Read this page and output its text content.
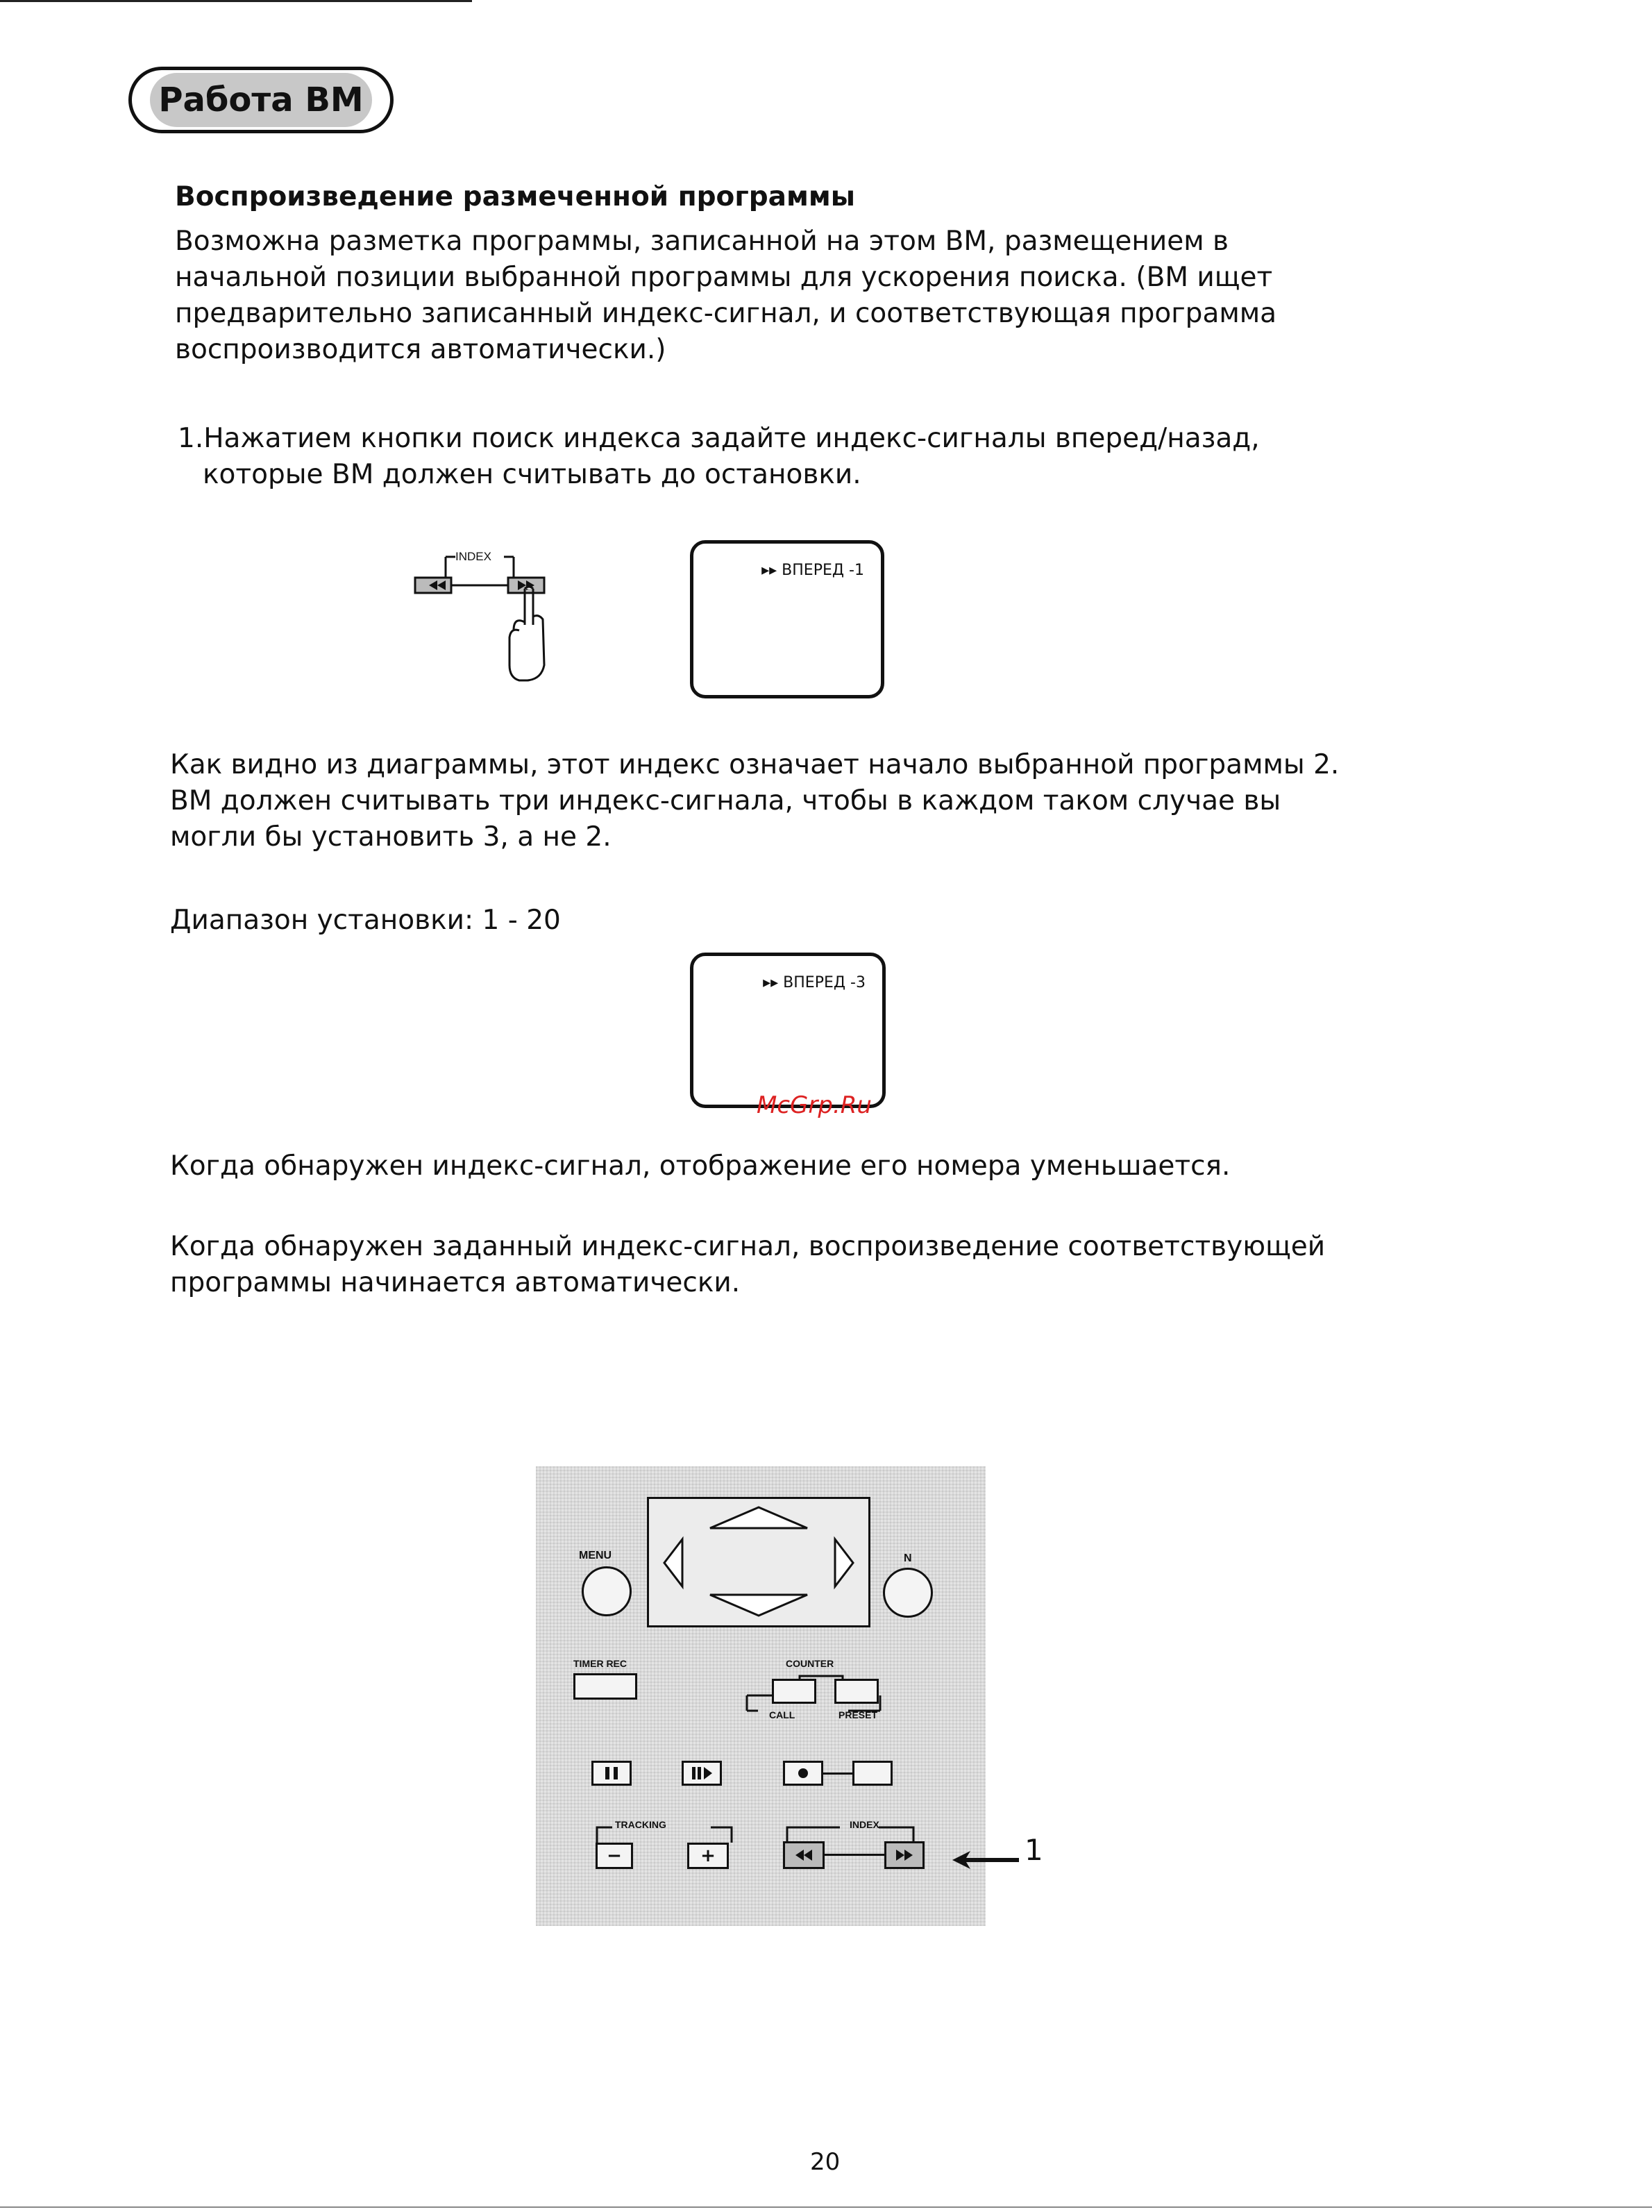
Работа ВМ
Воспроизведение размеченной программы
Возможна разметка программы, записанной на этом ВМ, размещением в
начальной позиции выбранной программы для ускорения поиска. (ВМ ищет
предварительно записанный индекс-сигнал, и соответствующая программа
воспроизводится автоматически.)
1.Нажатием кнопки поиск индекса задайте индекс-сигналы вперед/назад,
которые ВМ должен считывать до остановки.
INDEX
▸▸ ВПЕРЕД -1
Как видно из диаграммы, этот индекс означает начало выбранной программы 2.
ВМ должен считывать три индекс-сигнала, чтобы в каждом таком случае вы
могли бы установить 3, а не 2.
Диапазон установки: 1 - 20
▸▸ ВПЕРЕД -3
McGrp.Ru
Когда обнаружен индекс-сигнал, отображение его номера уменьшается.
Когда обнаружен заданный индекс-сигнал, воспроизведение соответствующей
программы начинается автоматически.
MENU	N
TIMER REC	COUNTER
CALL	PRESET
TRACKING
−	+
INDEX
1
20
